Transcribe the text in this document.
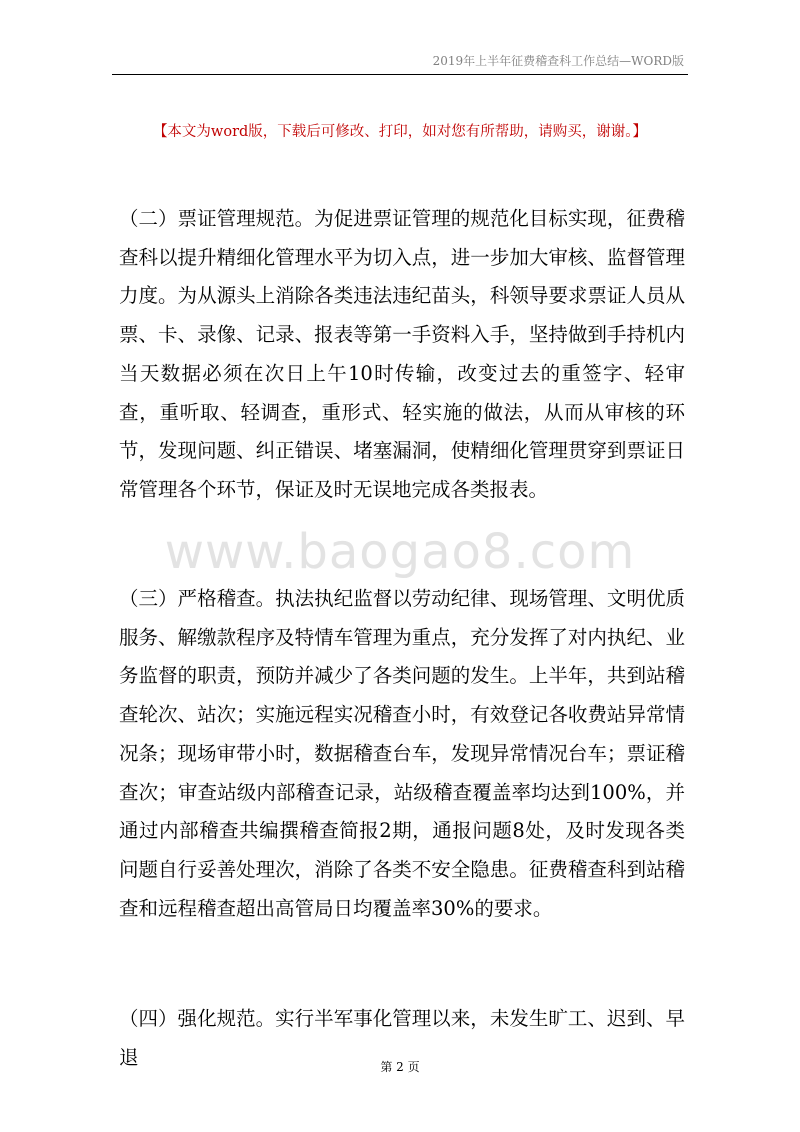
2019年上半年征费稽查科工作总结—WORD版
【本文为word版，下载后可修改、打印，如对您有所帮助，请购买，谢谢。】
www.baogao8.com

（二）票证管理规范。为促进票证管理的规范化目标实现，征费稽查科以提升精细化管理水平为切入点，进一步加大审核、监督管理力度。为从源头上消除各类违法违纪苗头，科领导要求票证人员从票、卡、录像、记录、报表等第一手资料入手，坚持做到手持机内当天数据必须在次日上午10时传输，改变过去的重签字、轻审查，重听取、轻调查，重形式、轻实施的做法，从而从审核的环节，发现问题、纠正错误、堵塞漏洞，使精细化管理贯穿到票证日常管理各个环节，保证及时无误地完成各类报表。

（三）严格稽查。执法执纪监督以劳动纪律、现场管理、文明优质服务、解缴款程序及特情车管理为重点，充分发挥了对内执纪、业务监督的职责，预防并减少了各类问题的发生。上半年，共到站稽查轮次、站次；实施远程实况稽查小时，有效登记各收费站异常情况条；现场审带小时，数据稽查台车，发现异常情况台车；票证稽查次；审查站级内部稽查记录，站级稽查覆盖率均达到100%，并通过内部稽查共编撰稽查简报2期，通报问题8处，及时发现各类问题自行妥善处理次，消除了各类不安全隐患。征费稽查科到站稽查和远程稽查超出高管局日均覆盖率30%的要求。

（四）强化规范。实行半军事化管理以来，未发生旷工、迟到、早退	第 2 页
